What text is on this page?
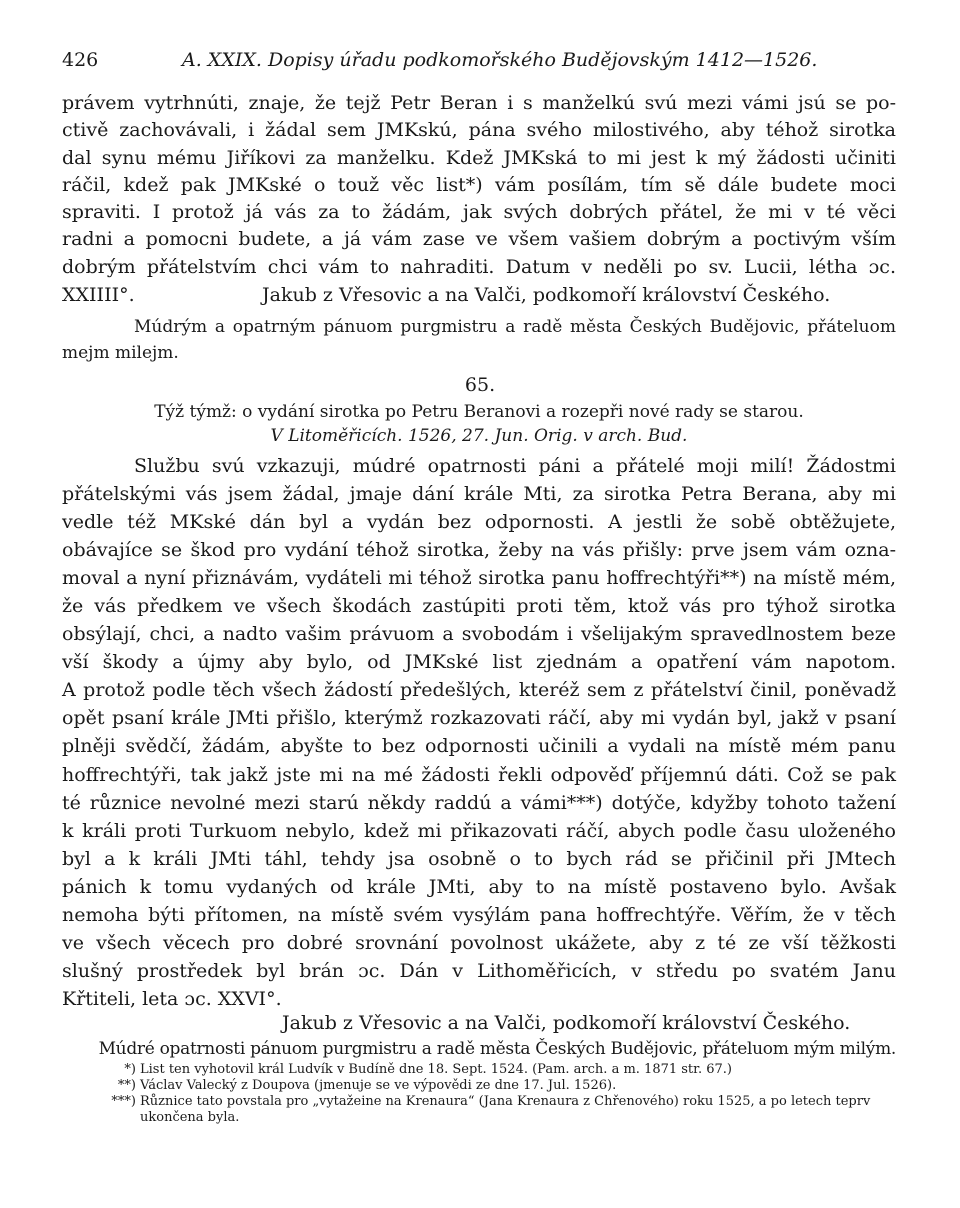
426	A. XXIX. Dopisy úřadu podkomořského Budějovským 1412—1526.
právem vytrhnúti, znaje, že tejž Petr Beran i s manželkú svú mezi vámi jsú se po-
ctivě zachovávali, i žádal sem JMKskú, pána svého milostivého, aby téhož sirotka
dal synu mému Jiříkovi za manželku. Kdež JMKská to mi jest k mý žádosti učiniti
ráčil, kdež pak JMKské o touž věc list*) vám posílám, tím sě dále budete moci
spraviti. I protož já vás za to žádám, jak svých dobrých přátel, že mi v té věci
radni a pomocni budete, a já vám zase ve všem vašiem dobrým a poctivým vším
dobrým přátelstvím chci vám to nahraditi. Datum v neděli po sv. Lucii, létha ɔc.
XXIIII°.	Jakub z Vřesovic a na Valči, podkomoří království Českého.
Múdrým a opatrným pánuom purgmistru a radě města Českých Budějovic, přáteluom
mejm milejm.
65.
Týž týmž: o vydání sirotka po Petru Beranovi a rozepři nové rady se starou.
V Litoměřicích. 1526, 27. Jun. Orig. v arch. Bud.
Službu svú vzkazuji, múdré opatrnosti páni a přátelé moji milí! Žádostmi
přátelskými vás jsem žádal, jmaje dání krále Mti, za sirotka Petra Berana, aby mi
vedle též MKské dán byl a vydán bez odpornosti. A jestli že sobě obtěžujete,
obávajíce se škod pro vydání téhož sirotka, žeby na vás přišly: prve jsem vám ozna-
moval a nyní přiznávám, vydáteli mi téhož sirotka panu hoffrechtýři**) na místě mém,
že vás předkem ve všech škodách zastúpiti proti těm, ktož vás pro týhož sirotka
obsýlají, chci, a nadto vašim právuom a svobodám i všelijakým spravedlnostem beze
vší škody a újmy aby bylo, od JMKské list zjednám a opatření vám napotom.
A protož podle těch všech žádostí předešlých, kteréž sem z přátelství činil, poněvadž
opět psaní krále JMti přišlo, kterýmž rozkazovati ráčí, aby mi vydán byl, jakž v psaní
plněji svědčí, žádám, abyšte to bez odpornosti učinili a vydali na místě mém panu
hoffrechtýři, tak jakž jste mi na mé žádosti řekli odpověď příjemnú dáti. Což se pak
té různice nevolné mezi starú někdy raddú a vámi***) dotýče, kdyžby tohoto tažení
k králi proti Turkuom nebylo, kdež mi přikazovati ráčí, abych podle času uloženého
byl a k králi JMti táhl, tehdy jsa osobně o to bych rád se přičinil při JMtech
pánich k tomu vydaných od krále JMti, aby to na místě postaveno bylo. Avšak
nemoha býti přítomen, na místě svém vysýlám pana hoffrechtýře. Věřím, že v těch
ve všech věcech pro dobré srovnání povolnost ukážete, aby z té ze vší těžkosti
slušný prostředek byl brán ɔc. Dán v Lithoměřicích, v středu po svatém Janu
Křtiteli, leta ɔc. XXVI°.
Jakub z Vřesovic a na Valči, podkomoří království Českého.
Múdré opatrnosti pánuom purgmistru a radě města Českých Budějovic, přáteluom mým milým.
*) List ten vyhotovil král Ludvík v Budíně dne 18. Sept. 1524. (Pam. arch. a m. 1871 str. 67.)
**) Václav Valecký z Doupova (jmenuje se ve výpovědi ze dne 17. Jul. 1526).
***) Různice tato povstala pro „vytažeine na Krenaura“ (Jana Krenaura z Chřenového) roku 1525, a po letech teprv ukončena byla.
